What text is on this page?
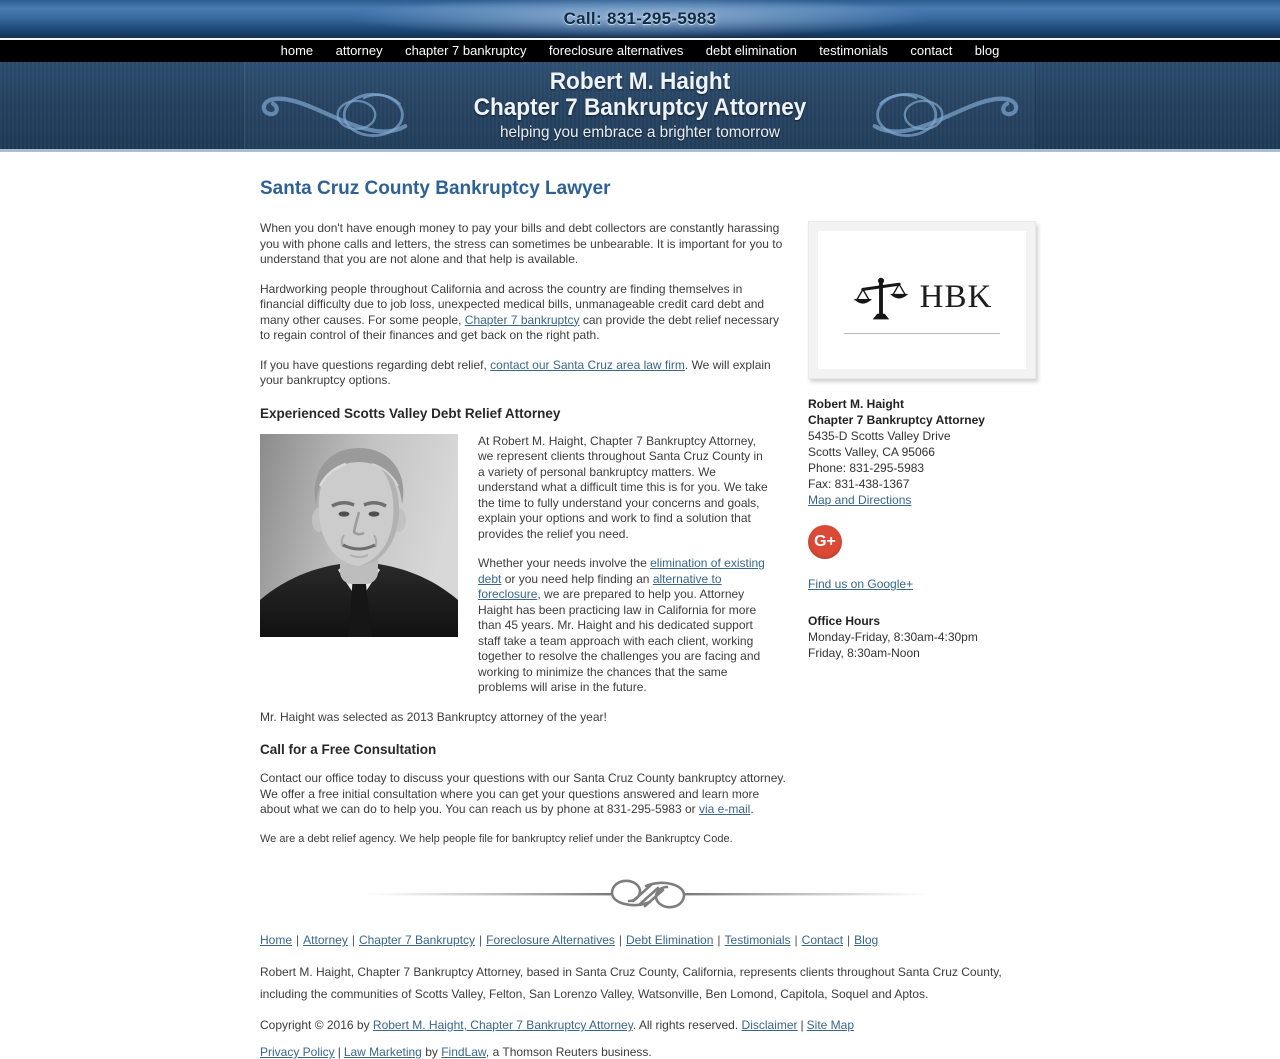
Call: 831-295-5983
home attorney chapter 7 bankruptcy foreclosure alternatives debt elimination testimonials contact blog
Robert M. Haight
Chapter 7 Bankruptcy Attorney
helping you embrace a brighter tomorrow
Santa Cruz County Bankruptcy Lawyer

When you don't have enough money to pay your bills and debt collectors are constantly harassing you with phone calls and letters, the stress can sometimes be unbearable. It is important for you to understand that you are not alone and that help is available.

Hardworking people throughout California and across the country are finding themselves in financial difficulty due to job loss, unexpected medical bills, unmanageable credit card debt and many other causes. For some people, Chapter 7 bankruptcy can provide the debt relief necessary to regain control of their finances and get back on the right path.

If you have questions regarding debt relief, contact our Santa Cruz area law firm. We will explain your bankruptcy options.

Experienced Scotts Valley Debt Relief Attorney

At Robert M. Haight, Chapter 7 Bankruptcy Attorney, we represent clients throughout Santa Cruz County in a variety of personal bankruptcy matters. We understand what a difficult time this is for you. We take the time to fully understand your concerns and goals, explain your options and work to find a solution that provides the relief you need.

Whether your needs involve the elimination of existing debt or you need help finding an alternative to foreclosure, we are prepared to help you. Attorney Haight has been practicing law in California for more than 45 years. Mr. Haight and his dedicated support staff take a team approach with each client, working together to resolve the challenges you are facing and working to minimize the chances that the same problems will arise in the future.

Mr. Haight was selected as 2013 Bankruptcy attorney of the year!

Call for a Free Consultation

Contact our office today to discuss your questions with our Santa Cruz County bankruptcy attorney. We offer a free initial consultation where you can get your questions answered and learn more about what we can do to help you. You can reach us by phone at 831-295-5983 or via e-mail.

We are a debt relief agency. We help people file for bankruptcy relief under the Bankruptcy Code.

HBK
Robert M. Haight
Chapter 7 Bankruptcy Attorney
5435-D Scotts Valley Drive
Scotts Valley, CA 95066
Phone: 831-295-5983
Fax: 831-438-1367
Map and Directions
G+
Find us on Google+
Office Hours
Monday-Friday, 8:30am-4:30pm
Friday, 8:30am-Noon
Home | Attorney | Chapter 7 Bankruptcy | Foreclosure Alternatives | Debt Elimination | Testimonials | Contact | Blog

Robert M. Haight, Chapter 7 Bankruptcy Attorney, based in Santa Cruz County, California, represents clients throughout Santa Cruz County, including the communities of Scotts Valley, Felton, San Lorenzo Valley, Watsonville, Ben Lomond, Capitola, Soquel and Aptos.

Copyright © 2016 by Robert M. Haight, Chapter 7 Bankruptcy Attorney. All rights reserved. Disclaimer | Site Map

Privacy Policy | Law Marketing by FindLaw, a Thomson Reuters business.
